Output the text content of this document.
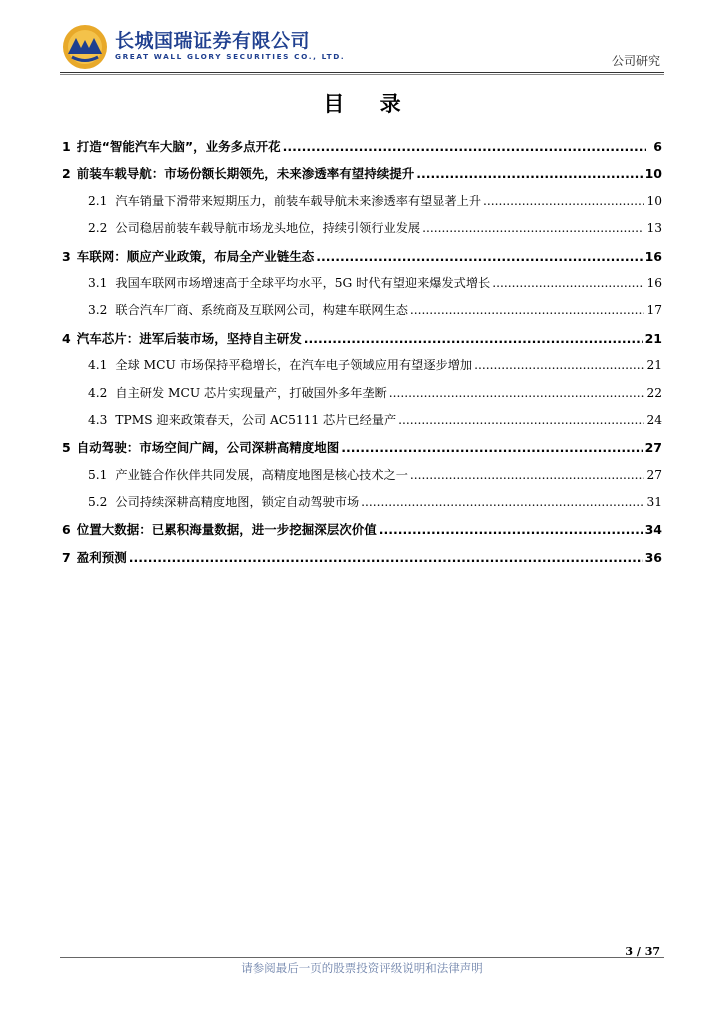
长城国瑞证券有限公司
GREAT WALL GLORY SECURITIES CO., LTD.	公司研究
目 录
1 打造“智能汽车大脑”，业务多点开花 .....	6
2 前装车载导航：市场份额长期领先，未来渗透率有望持续提升 .....	10
2.1 汽车销量下滑带来短期压力，前装车载导航未来渗透率有望显著上升 .....	10
2.2 公司稳居前装车载导航市场龙头地位，持续引领行业发展 .....	13
3 车联网：顺应产业政策，布局全产业链生态 .....	16
3.1 我国车联网市场增速高于全球平均水平，5G 时代有望迎来爆发式增长 .....	16
3.2 联合汽车厂商、系统商及互联网公司，构建车联网生态 .....	17
4 汽车芯片：进军后装市场，坚持自主研发 .....	21
4.1 全球 MCU 市场保持平稳增长，在汽车电子领域应用有望逐步增加 .....	21
4.2 自主研发 MCU 芯片实现量产，打破国外多年垄断 .....	22
4.3 TPMS 迎来政策春天，公司 AC5111 芯片已经量产 .....	24
5 自动驾驶：市场空间广阔，公司深耕高精度地图 .....	27
5.1 产业链合作伙伴共同发展，高精度地图是核心技术之一 .....	27
5.2 公司持续深耕高精度地图，锁定自动驾驶市场 .....	31
6 位置大数据：已累积海量数据，进一步挖掘深层次价值 .....	34
7 盈利预测 .....	36
3 / 37
请参阅最后一页的股票投资评级说明和法律声明
